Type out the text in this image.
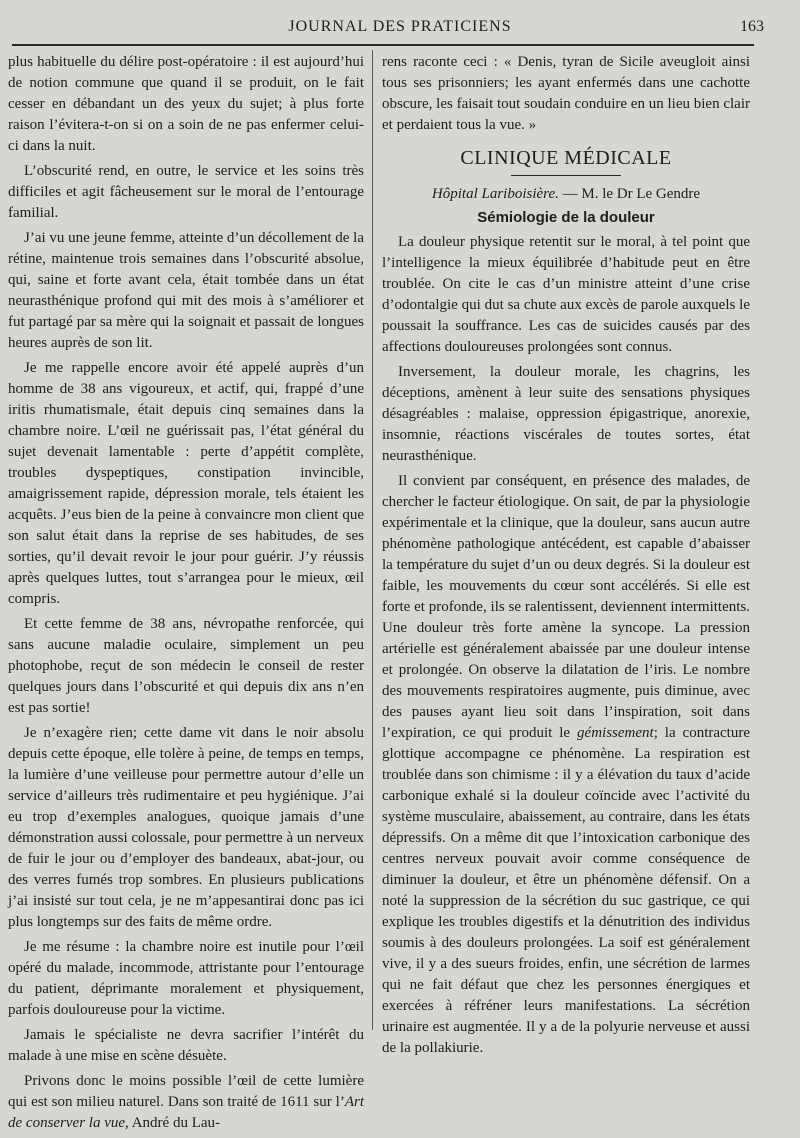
JOURNAL DES PRATICIENS	163

plus habituelle du délire post-opératoire : il est aujourd’hui de notion commune que quand il se produit, on le fait cesser en débandant un des yeux du sujet; à plus forte raison l’évitera-t-on si on a soin de ne pas enfermer celui-ci dans la nuit.

L’obscurité rend, en outre, le service et les soins très difficiles et agit fâcheusement sur le moral de l’entourage familial.

J’ai vu une jeune femme, atteinte d’un décollement de la rétine, maintenue trois semaines dans l’obscurité absolue, qui, saine et forte avant cela, était tombée dans un état neurasthénique profond qui mit des mois à s’améliorer et fut partagé par sa mère qui la soignait et passait de longues heures auprès de son lit.

Je me rappelle encore avoir été appelé auprès d’un homme de 38 ans vigoureux, et actif, qui, frappé d’une iritis rhumatismale, était depuis cinq semaines dans la chambre noire. L’œil ne guérissait pas, l’état général du sujet devenait lamentable : perte d’appétit complète, troubles dyspeptiques, constipation invincible, amaigrissement rapide, dépression morale, tels étaient les acquêts. J’eus bien de la peine à convaincre mon client que son salut était dans la reprise de ses habitudes, de ses sorties, qu’il devait revoir le jour pour guérir. J’y réussis après quelques luttes, tout s’arrangea pour le mieux, œil compris.

Et cette femme de 38 ans, névropathe renforcée, qui sans aucune maladie oculaire, simplement un peu photophobe, reçut de son médecin le conseil de rester quelques jours dans l’obscurité et qui depuis dix ans n’en est pas sortie!

Je n’exagère rien; cette dame vit dans le noir absolu depuis cette époque, elle tolère à peine, de temps en temps, la lumière d’une veilleuse pour permettre autour d’elle un service d’ailleurs très rudimentaire et peu hygiénique. J’ai eu trop d’exemples analogues, quoique jamais d’une démonstration aussi colossale, pour permettre à un nerveux de fuir le jour ou d’employer des bandeaux, abat-jour, ou des verres fumés trop sombres. En plusieurs publications j’ai insisté sur tout cela, je ne m’appesantirai donc pas ici plus longtemps sur des faits de même ordre.

Je me résume : la chambre noire est inutile pour l’œil opéré du malade, incommode, attristante pour l’entourage du patient, déprimante moralement et physiquement, parfois douloureuse pour la victime.

Jamais le spécialiste ne devra sacrifier l’intérêt du malade à une mise en scène désuète.

Privons donc le moins possible l’œil de cette lumière qui est son milieu naturel. Dans son traité de 1611 sur l’Art de conserver la vue, André du Lau-

rens raconte ceci : « Denis, tyran de Sicile aveugloit ainsi tous ses prisonniers; les ayant enfermés dans une cachotte obscure, les faisait tout soudain conduire en un lieu bien clair et perdaient tous la vue. »

CLINIQUE MÉDICALE
Hôpital Lariboisière. — M. le Dr Le Gendre
Sémiologie de la douleur

La douleur physique retentit sur le moral, à tel point que l’intelligence la mieux équilibrée d’habitude peut en être troublée. On cite le cas d’un ministre atteint d’une crise d’odontalgie qui dut sa chute aux excès de parole auxquels le poussait la souffrance. Les cas de suicides causés par des affections douloureuses prolongées sont connus.

Inversement, la douleur morale, les chagrins, les déceptions, amènent à leur suite des sensations physiques désagréables : malaise, oppression épigastrique, anorexie, insomnie, réactions viscérales de toutes sortes, état neurasthénique.

Il convient par conséquent, en présence des malades, de chercher le facteur étiologique. On sait, de par la physiologie expérimentale et la clinique, que la douleur, sans aucun autre phénomène pathologique antécédent, est capable d’abaisser la température du sujet d’un ou deux degrés. Si la douleur est faible, les mouvements du cœur sont accélérés. Si elle est forte et profonde, ils se ralentissent, deviennent intermittents. Une douleur très forte amène la syncope. La pression artérielle est généralement abaissée par une douleur intense et prolongée. On observe la dilatation de l’iris. Le nombre des mouvements respiratoires augmente, puis diminue, avec des pauses ayant lieu soit dans l’inspiration, soit dans l’expiration, ce qui produit le gémissement; la contracture glottique accompagne ce phénomène. La respiration est troublée dans son chimisme : il y a élévation du taux d’acide carbonique exhalé si la douleur coïncide avec l’activité du système musculaire, abaissement, au contraire, dans les états dépressifs. On a même dit que l’intoxication carbonique des centres nerveux pouvait avoir comme conséquence de diminuer la douleur, et être un phénomène défensif. On a noté la suppression de la sécrétion du suc gastrique, ce qui explique les troubles digestifs et la dénutrition des individus soumis à des douleurs prolongées. La soif est généralement vive, il y a des sueurs froides, enfin, une sécrétion de larmes qui ne fait défaut que chez les personnes énergiques et exercées à réfréner leurs manifestations. La sécrétion urinaire est augmentée. Il y a de la polyurie nerveuse et aussi de la pollakiurie.
